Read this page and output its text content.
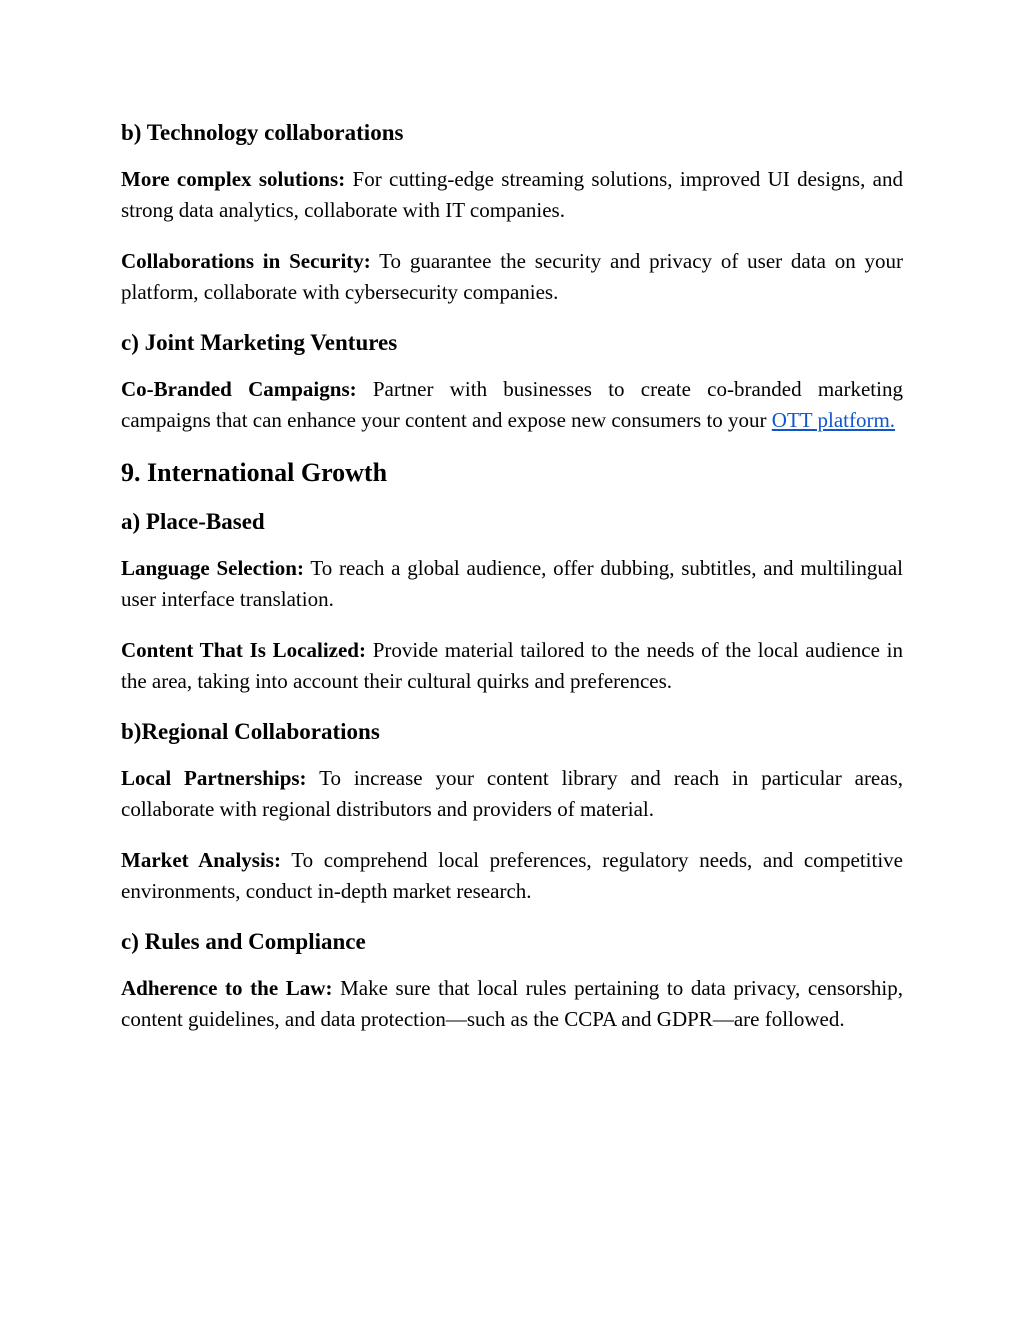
b) Technology collaborations

More complex solutions: For cutting-edge streaming solutions, improved UI designs, and strong data analytics, collaborate with IT companies.

Collaborations in Security: To guarantee the security and privacy of user data on your platform, collaborate with cybersecurity companies.

c) Joint Marketing Ventures

Co-Branded Campaigns: Partner with businesses to create co-branded marketing campaigns that can enhance your content and expose new consumers to your OTT platform.

9. International Growth
a) Place-Based

Language Selection: To reach a global audience, offer dubbing, subtitles, and multilingual user interface translation.

Content That Is Localized: Provide material tailored to the needs of the local audience in the area, taking into account their cultural quirks and preferences.

b)Regional Collaborations

Local Partnerships: To increase your content library and reach in particular areas, collaborate with regional distributors and providers of material.

Market Analysis: To comprehend local preferences, regulatory needs, and competitive environments, conduct in-depth market research.

c) Rules and Compliance

Adherence to the Law: Make sure that local rules pertaining to data privacy, censorship, content guidelines, and data protection—such as the CCPA and GDPR—are followed.
